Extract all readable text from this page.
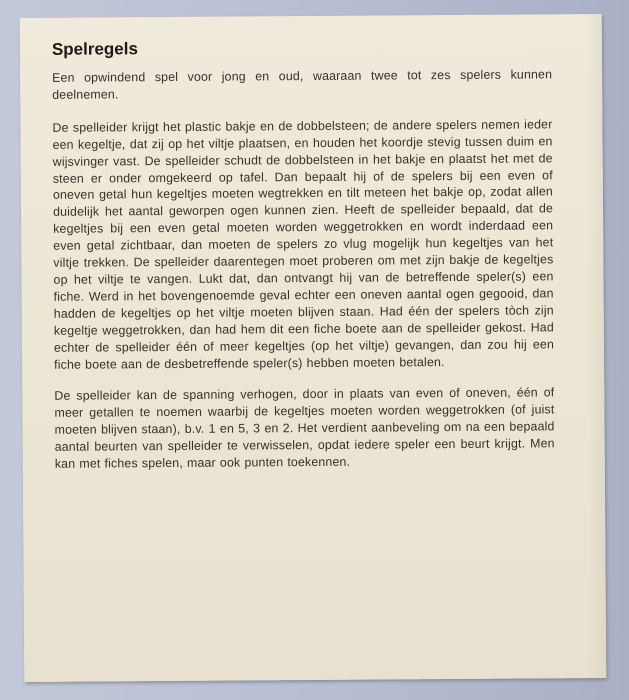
Spelregels

Een opwindend spel voor jong en oud, waaraan twee tot zes spelers kunnen deelnemen.

De spelleider krijgt het plastic bakje en de dobbelsteen; de andere spelers nemen ieder een kegeltje, dat zij op het viltje plaatsen, en houden het koordje stevig tussen duim en wijsvinger vast. De spelleider schudt de dobbelsteen in het bakje en plaatst het met de steen er onder omgekeerd op tafel. Dan bepaalt hij of de spelers bij een even of oneven getal hun kegeltjes moeten wegtrekken en tilt meteen het bakje op, zodat allen duidelijk het aantal geworpen ogen kunnen zien. Heeft de spelleider bepaald, dat de kegeltjes bij een even getal moeten worden weggetrokken en wordt inderdaad een even getal zichtbaar, dan moeten de spelers zo vlug mogelijk hun kegeltjes van het viltje trekken. De spelleider daarentegen moet proberen om met zijn bakje de kegeltjes op het viltje te vangen. Lukt dat, dan ontvangt hij van de betreffende speler(s) een fiche. Werd in het bovengenoemde geval echter een oneven aantal ogen gegooid, dan hadden de kegeltjes op het viltje moeten blijven staan. Had één der spelers tòch zijn kegeltje weggetrokken, dan had hem dit een fiche boete aan de spelleider gekost. Had echter de spelleider één of meer kegeltjes (op het viltje) gevangen, dan zou hij een fiche boete aan de desbetreffende speler(s) hebben moeten betalen.

De spelleider kan de spanning verhogen, door in plaats van even of oneven, één of meer getallen te noemen waarbij de kegeltjes moeten worden weggetrokken (of juist moeten blijven staan), b.v. 1 en 5, 3 en 2. Het verdient aanbeveling om na een bepaald aantal beurten van spelleider te verwisselen, opdat iedere speler een beurt krijgt. Men kan met fiches spelen, maar ook punten toekennen.
